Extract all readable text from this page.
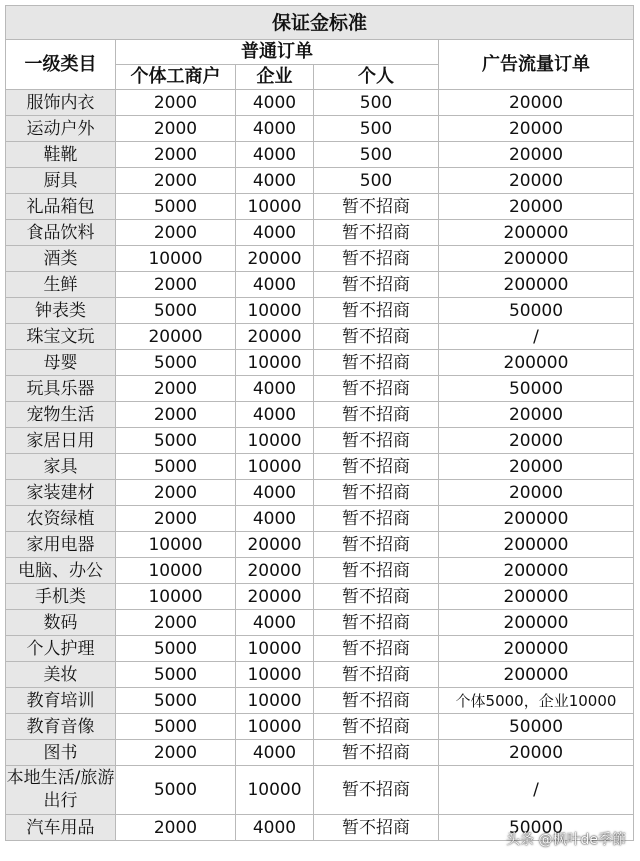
保证金标准				
一级类目	普通订单			广告流量订单
	个体工商户	企业	个人	
服饰内衣	2000	4000	500	20000
运动户外	2000	4000	500	20000
鞋靴	2000	4000	500	20000
厨具	2000	4000	500	20000
礼品箱包	5000	10000	暂不招商	20000
食品饮料	2000	4000	暂不招商	200000
酒类	10000	20000	暂不招商	200000
生鲜	2000	4000	暂不招商	200000
钟表类	5000	10000	暂不招商	50000
珠宝文玩	20000	20000	暂不招商	/
母婴	5000	10000	暂不招商	200000
玩具乐器	2000	4000	暂不招商	50000
宠物生活	2000	4000	暂不招商	20000
家居日用	5000	10000	暂不招商	20000
家具	5000	10000	暂不招商	20000
家装建材	2000	4000	暂不招商	20000
农资绿植	2000	4000	暂不招商	200000
家用电器	10000	20000	暂不招商	200000
电脑、办公	10000	20000	暂不招商	200000
手机类	10000	20000	暂不招商	200000
数码	2000	4000	暂不招商	200000
个人护理	5000	10000	暂不招商	200000
美妆	5000	10000	暂不招商	200000
教育培训	5000	10000	暂不招商	个体5000，企业10000
教育音像	5000	10000	暂不招商	50000
图书	2000	4000	暂不招商	20000
本地生活/旅游出行	5000	10000	暂不招商	/
汽车用品	2000	4000	暂不招商	50000
头条 @枫叶de季節
